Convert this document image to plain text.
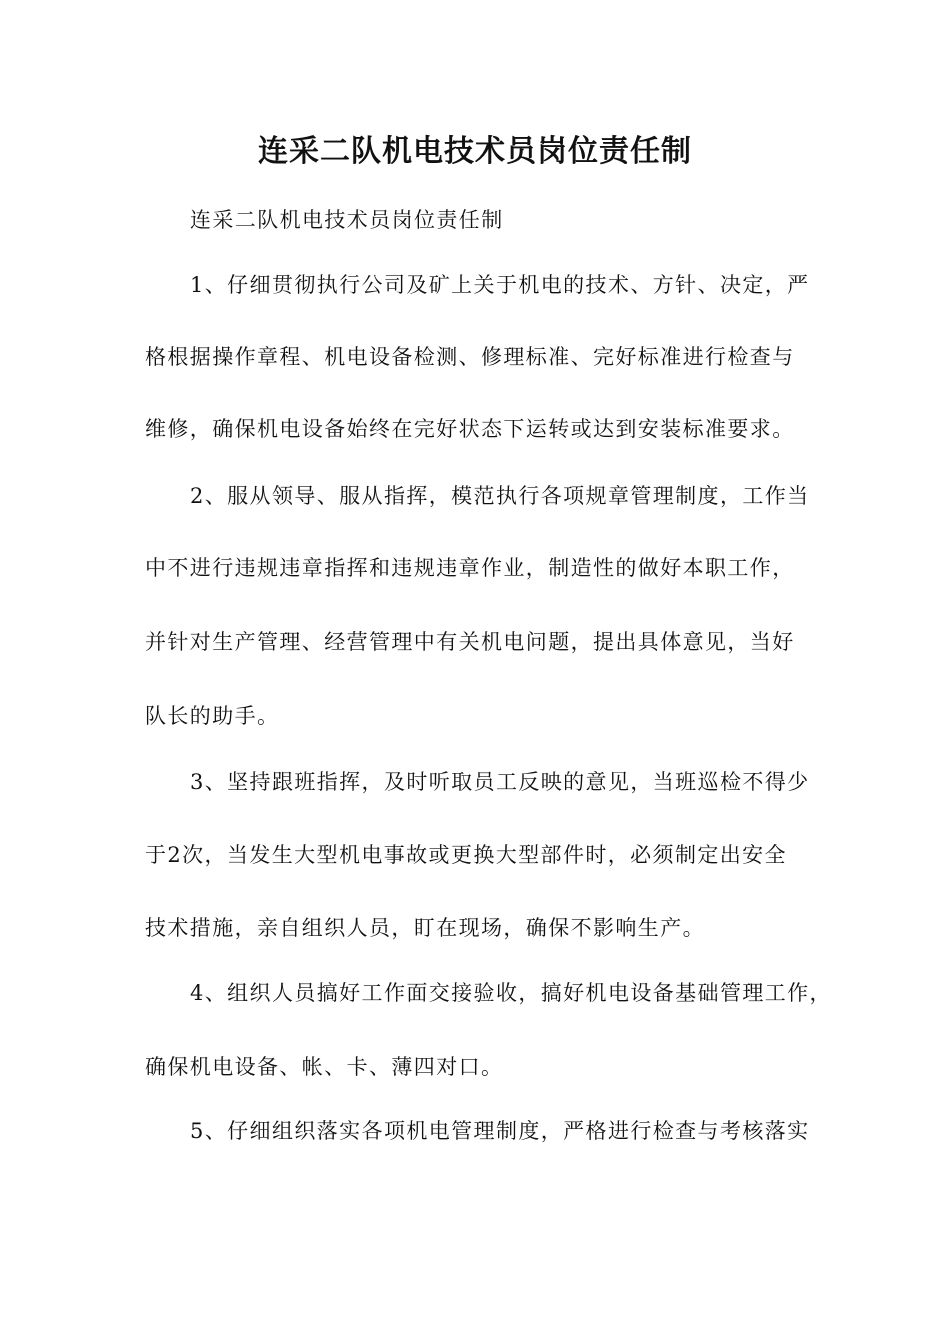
连采二队机电技术员岗位责任制
连采二队机电技术员岗位责任制
1、仔细贯彻执行公司及矿上关于机电的技术、方针、决定，严
格根据操作章程、机电设备检测、修理标准、完好标准进行检查与
维修，确保机电设备始终在完好状态下运转或达到安装标准要求。
2、服从领导、服从指挥，模范执行各项规章管理制度，工作当
中不进行违规违章指挥和违规违章作业，制造性的做好本职工作，
并针对生产管理、经营管理中有关机电问题，提出具体意见，当好
队长的助手。
3、坚持跟班指挥，及时听取员工反映的意见，当班巡检不得少
于2次，当发生大型机电事故或更换大型部件时，必须制定出安全
技术措施，亲自组织人员，盯在现场，确保不影响生产。
4、组织人员搞好工作面交接验收，搞好机电设备基础管理工作，
确保机电设备、帐、卡、薄四对口。
5、仔细组织落实各项机电管理制度，严格进行检查与考核落实
